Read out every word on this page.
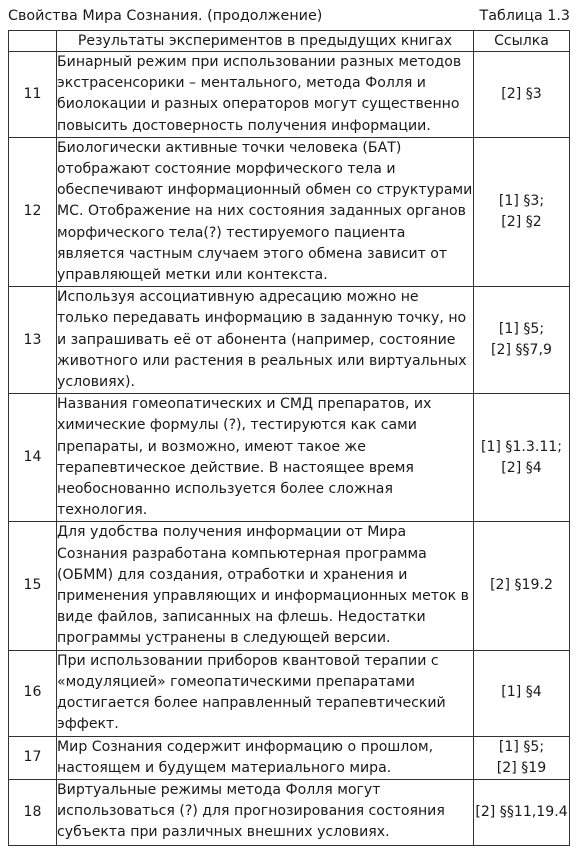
Свойства Мира Сознания. (продолжение)	Таблица 1.3
	Результаты экспериментов в предыдущих книгах	Ссылка
11	Бинарный режим при использовании разных методов экстрасенсорики – ментального, метода Фолля и биолокации и разных операторов могут существенно повысить достоверность получения информации.	[2] §3

12	Биологически активные точки человека (БАТ) отображают состояние морфического тела и обеспечивают информационный обмен со структурами МС. Отображение на них состояния заданных органов морфического тела(?) тестируемого пациента является частным случаем этого обмена зависит от управляющей метки или контекста.	[1] §3;
[2] §2

13	Используя ассоциативную адресацию можно не только передавать информацию в заданную точку, но и запрашивать её от абонента (например, состояние животного или растения в реальных или виртуальных условиях).	[1] §5;
[2] §§7,9

14	Названия гомеопатических и СМД препаратов, их химические формулы (?), тестируются как сами препараты, и возможно, имеют такое же терапевтическое действие. В настоящее время необоснованно используется более сложная технология.	[1] §1.3.11;
[2] §4

15	Для удобства получения информации от Мира Сознания разработана компьютерная программа (ОБММ) для создания, отработки и хранения и применения управляющих и информационных меток в виде файлов, записанных на флешь. Недостатки программы устранены в следующей версии.	[2] §19.2

16	При использовании приборов квантовой терапии с «модуляцией» гомеопатическими препаратами достигается более направленный терапевтический эффект.	[1] §4

17	Мир Сознания содержит информацию о прошлом, настоящем и будущем материального мира.	[1] §5;
[2] §19

18	Виртуальные режимы метода Фолля могут использоваться (?) для прогнозирования состояния субъекта при различных внешних условиях.	[2] §§11,19.4
